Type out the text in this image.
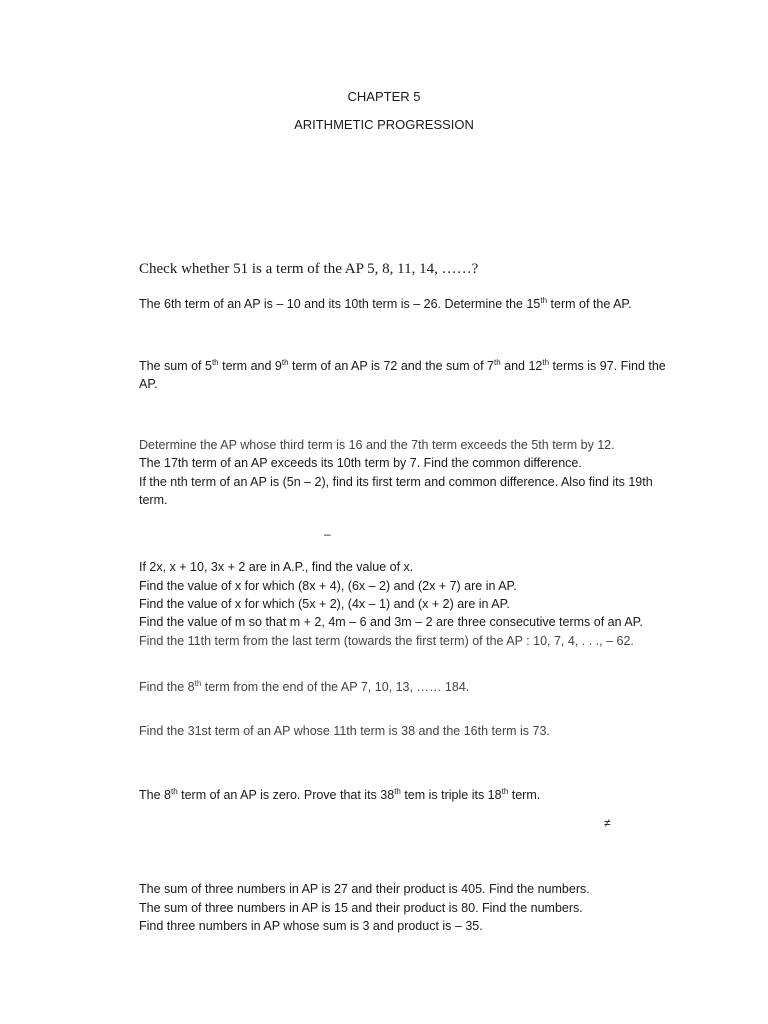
CHAPTER 5
ARITHMETIC PROGRESSION
Check whether 51 is a term of the AP 5, 8, 11, 14, ……?
The 6th term of an AP is – 10 and its 10th term is – 26. Determine the 15th term of the AP.
The sum of 5th term and 9th term of an AP is 72 and the sum of 7th and 12th terms is 97. Find the AP.
Determine the AP whose third term is 16 and the 7th term exceeds the 5th term by 12.
The 17th term of an AP exceeds its 10th term by 7. Find the common difference.
If the nth term of an AP is (5n – 2), find its first term and common difference. Also find its 19th term.
–
If 2x, x + 10, 3x + 2 are in A.P., find the value of x.
Find the value of x for which (8x + 4), (6x – 2) and (2x + 7) are in AP.
Find the value of x for which (5x + 2), (4x – 1) and (x + 2) are in AP.
Find the value of m so that m + 2, 4m – 6 and 3m – 2 are three consecutive terms of an AP.
Find the 11th term from the last term (towards the first term) of the AP : 10, 7, 4, . . ., – 62.
Find the 8th term from the end of the AP 7, 10, 13, …… 184.
Find the 31st term of an AP whose 11th term is 38 and the 16th term is 73.
The 8th term of an AP is zero. Prove that its 38th tem is triple its 18th term.
≠
The sum of three numbers in AP is 27 and their product is 405. Find the numbers.
The sum of three numbers in AP is 15 and their product is 80. Find the numbers.
Find three numbers in AP whose sum is 3 and product is – 35.
